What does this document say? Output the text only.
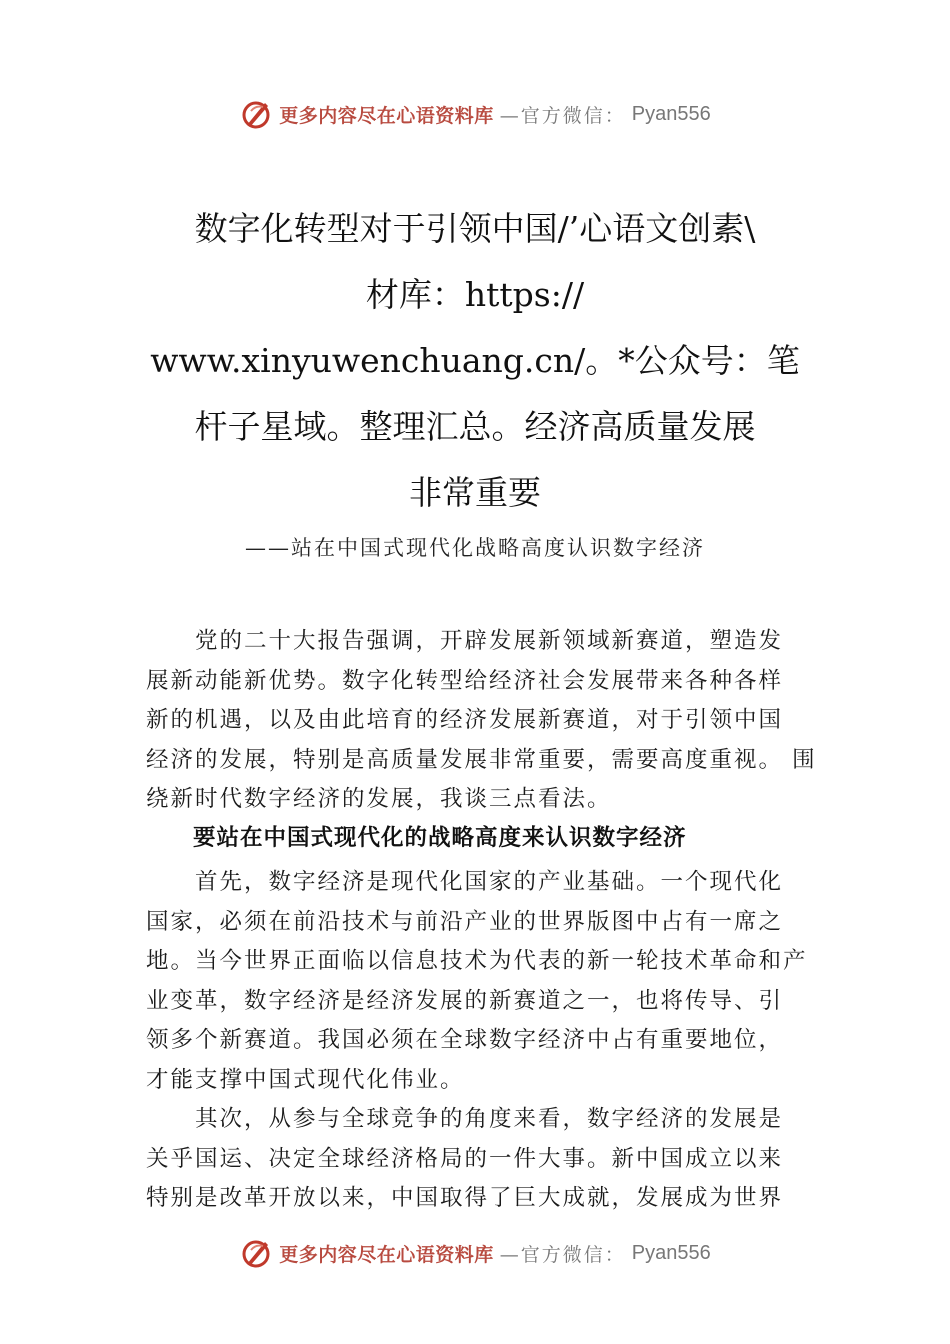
更多内容尽在心语资料库 —官方微信： Pyan556
数字化转型对于引领中国/’心语文创素\
材库：https://
www.xinyuwenchuang.cn/。*公众号：笔
杆子星域。整理汇总。经济高质量发展
非常重要
——站在中国式现代化战略高度认识数字经济
　　党的二十大报告强调，开辟发展新领域新赛道，塑造发
展新动能新优势。数字化转型给经济社会发展带来各种各样
新的机遇，以及由此培育的经济发展新赛道，对于引领中国
经济的发展，特别是高质量发展非常重要，需要高度重视。 围
绕新时代数字经济的发展，我谈三点看法。
　　要站在中国式现代化的战略高度来认识数字经济
　　首先，数字经济是现代化国家的产业基础。一个现代化
国家，必须在前沿技术与前沿产业的世界版图中占有一席之
地。当今世界正面临以信息技术为代表的新一轮技术革命和产
业变革，数字经济是经济发展的新赛道之一，也将传导、引
领多个新赛道。我国必须在全球数字经济中占有重要地位，
才能支撑中国式现代化伟业。
　　其次，从参与全球竞争的角度来看，数字经济的发展是
关乎国运、决定全球经济格局的一件大事。新中国成立以来
特别是改革开放以来，中国取得了巨大成就，发展成为世界
更多内容尽在心语资料库 —官方微信： Pyan556
